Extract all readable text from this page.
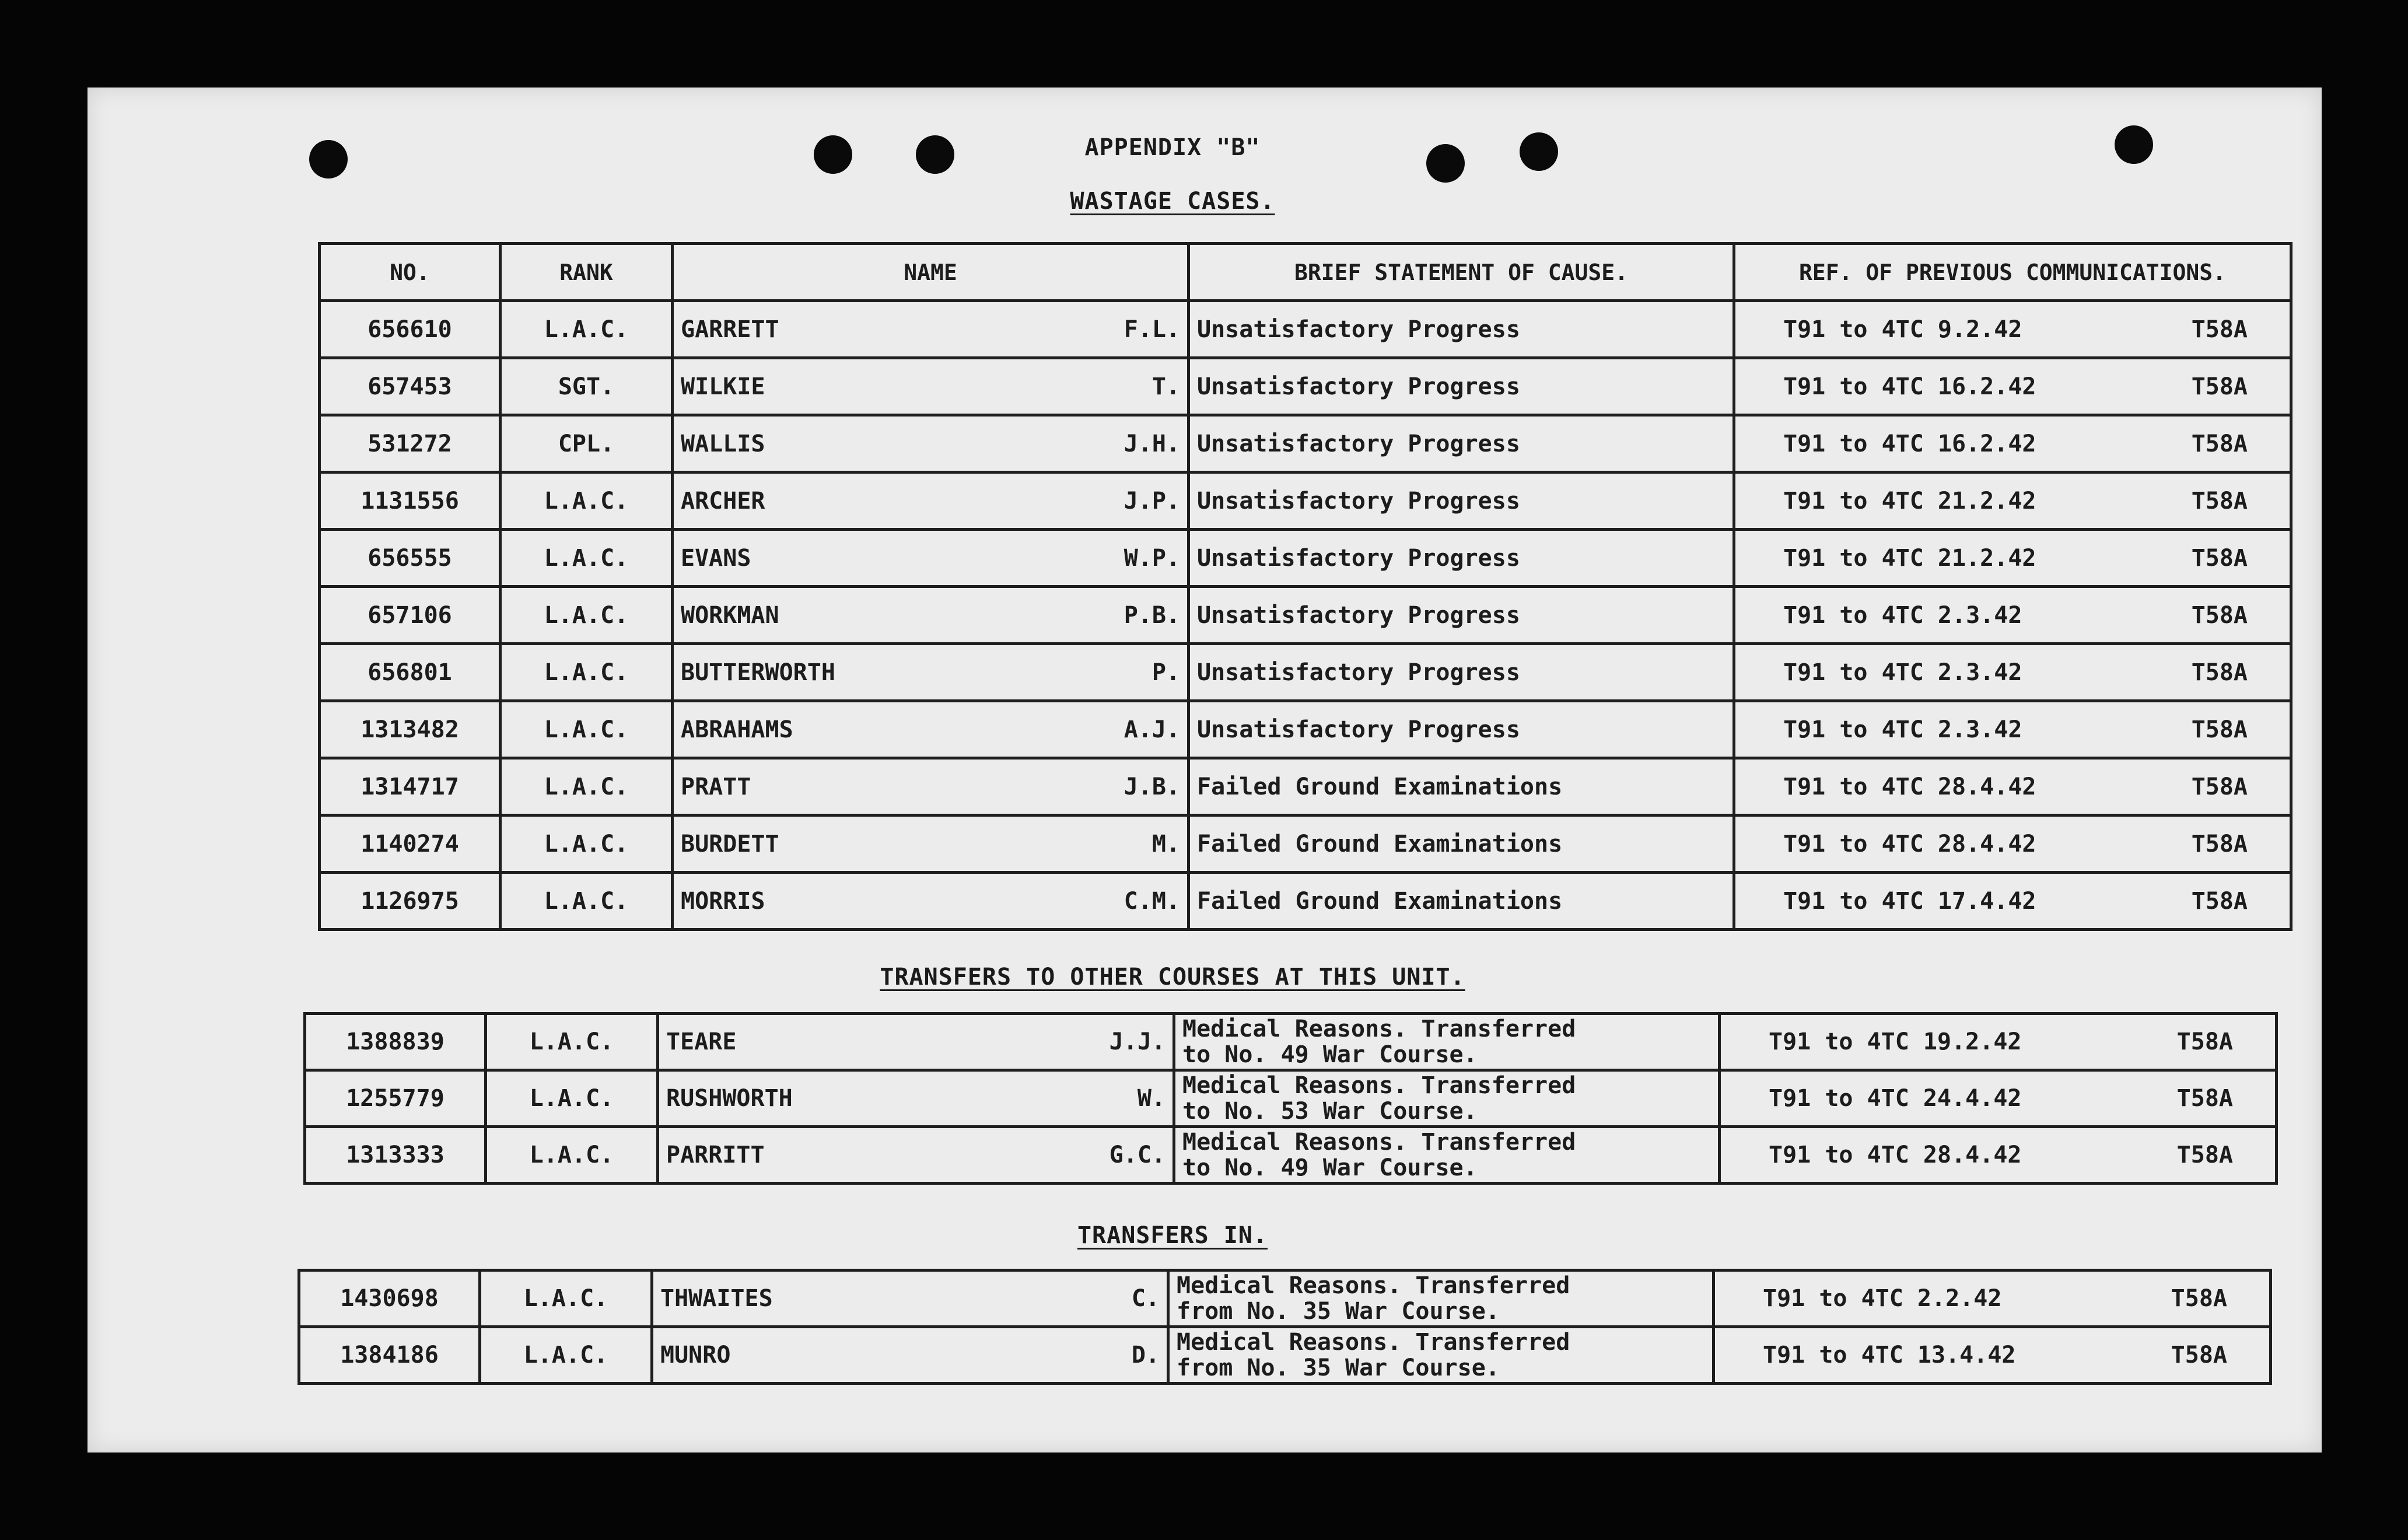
APPENDIX "B"
WASTAGE CASES.
NO.	RANK	NAME		BRIEF STATEMENT OF CAUSE.	REF. OF PREVIOUS COMMUNICATIONS.
656610	L.A.C.	GARRETT	F.L.	Unsatisfactory Progress	T91 to 4TC 9.2.42 T58A

657453	SGT.	WILKIE	T.	Unsatisfactory Progress	T91 to 4TC 16.2.42 T58A

531272	CPL.	WALLIS	J.H.	Unsatisfactory Progress	T91 to 4TC 16.2.42 T58A

1131556	L.A.C.	ARCHER	J.P.	Unsatisfactory Progress	T91 to 4TC 21.2.42 T58A

656555	L.A.C.	EVANS	W.P.	Unsatisfactory Progress	T91 to 4TC 21.2.42 T58A

657106	L.A.C.	WORKMAN	P.B.	Unsatisfactory Progress	T91 to 4TC 2.3.42 T58A

656801	L.A.C.	BUTTERWORTH	P.	Unsatisfactory Progress	T91 to 4TC 2.3.42 T58A

1313482	L.A.C.	ABRAHAMS	A.J.	Unsatisfactory Progress	T91 to 4TC 2.3.42 T58A

1314717	L.A.C.	PRATT	J.B.	Failed Ground Examinations	T91 to 4TC 28.4.42 T58A

1140274	L.A.C.	BURDETT	M.	Failed Ground Examinations	T91 to 4TC 28.4.42 T58A

1126975	L.A.C.	MORRIS	C.M.	Failed Ground Examinations	T91 to 4TC 17.4.42 T58A
TRANSFERS TO OTHER COURSES AT THIS UNIT.
1388839	L.A.C.	TEARE	J.J.	Medical Reasons. Transferred
to No. 49 War Course.	T91 to 4TC 19.2.42 T58A

1255779	L.A.C.	RUSHWORTH	W.	Medical Reasons. Transferred
to No. 53 War Course.	T91 to 4TC 24.4.42 T58A

1313333	L.A.C.	PARRITT	G.C.	Medical Reasons. Transferred
to No. 49 War Course.	T91 to 4TC 28.4.42 T58A
TRANSFERS IN.
1430698	L.A.C.	THWAITES	C.	Medical Reasons. Transferred
from No. 35 War Course.	T91 to 4TC 2.2.42 T58A

1384186	L.A.C.	MUNRO	D.	Medical Reasons. Transferred
from No. 35 War Course.	T91 to 4TC 13.4.42 T58A
